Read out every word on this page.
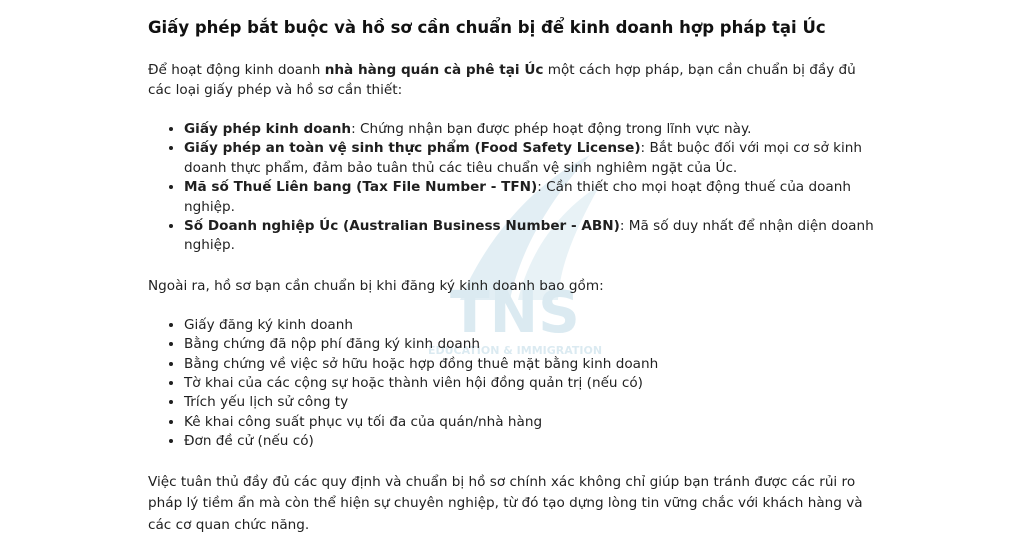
TNS
EDUCATION & IMMIGRATION
Giấy phép bắt buộc và hồ sơ cần chuẩn bị để kinh doanh hợp pháp tại Úc

Để hoạt động kinh doanh nhà hàng quán cà phê tại Úc một cách hợp pháp, bạn cần chuẩn bị đầy đủ các loại giấy phép và hồ sơ cần thiết:

• Giấy phép kinh doanh: Chứng nhận bạn được phép hoạt động trong lĩnh vực này.
• Giấy phép an toàn vệ sinh thực phẩm (Food Safety License): Bắt buộc đối với mọi cơ sở kinh doanh thực phẩm, đảm bảo tuân thủ các tiêu chuẩn vệ sinh nghiêm ngặt của Úc.
• Mã số Thuế Liên bang (Tax File Number - TFN): Cần thiết cho mọi hoạt động thuế của doanh nghiệp.
• Số Doanh nghiệp Úc (Australian Business Number - ABN): Mã số duy nhất để nhận diện doanh nghiệp.

Ngoài ra, hồ sơ bạn cần chuẩn bị khi đăng ký kinh doanh bao gồm:

• Giấy đăng ký kinh doanh
• Bằng chứng đã nộp phí đăng ký kinh doanh
• Bằng chứng về việc sở hữu hoặc hợp đồng thuê mặt bằng kinh doanh
• Tờ khai của các cộng sự hoặc thành viên hội đồng quản trị (nếu có)
• Trích yếu lịch sử công ty
• Kê khai công suất phục vụ tối đa của quán/nhà hàng
• Đơn đề cử (nếu có)

Việc tuân thủ đầy đủ các quy định và chuẩn bị hồ sơ chính xác không chỉ giúp bạn tránh được các rủi ro pháp lý tiềm ẩn mà còn thể hiện sự chuyên nghiệp, từ đó tạo dựng lòng tin vững chắc với khách hàng và các cơ quan chức năng.
